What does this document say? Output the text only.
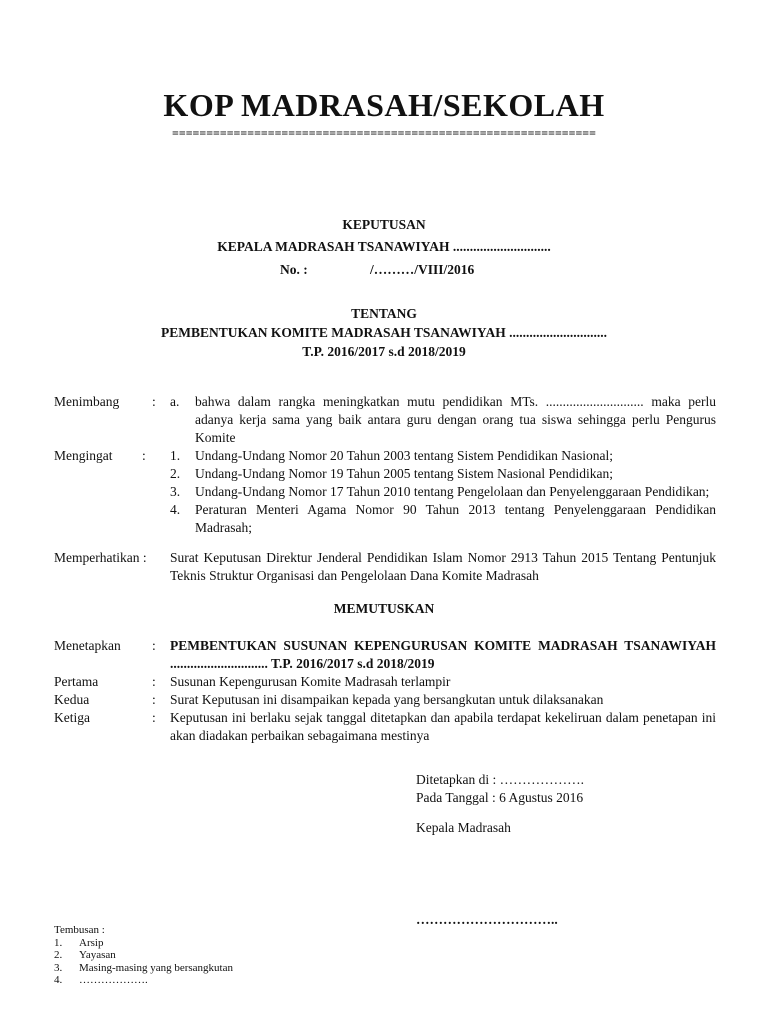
KOP MADRASAH/SEKOLAH
==============================================================
KEPUTUSAN
KEPALA MADRASAH TSANAWIYAH .............................
No. :	/………/VIII/2016
TENTANG
PEMBENTUKAN KOMITE MADRASAH TSANAWIYAH .............................
T.P. 2016/2017 s.d 2018/2019
Menimbang : a. bahwa dalam rangka meningkatkan mutu pendidikan MTs. ............................. maka perlu adanya kerja sama yang baik antara guru dengan orang tua siswa sehingga perlu Pengurus Komite
Mengingat : 1. Undang-Undang Nomor 20 Tahun 2003 tentang Sistem Pendidikan Nasional;
2. Undang-Undang Nomor 19 Tahun 2005 tentang Sistem Nasional Pendidikan;
3. Undang-Undang Nomor 17 Tahun 2010 tentang Pengelolaan dan Penyelenggaraan Pendidikan;
4. Peraturan Menteri Agama Nomor 90 Tahun 2013 tentang Penyelenggaraan Pendidikan Madrasah;
Memperhatikan : Surat Keputusan Direktur Jenderal Pendidikan Islam Nomor 2913 Tahun 2015 Tentang Pentunjuk Teknis Struktur Organisasi dan Pengelolaan Dana Komite Madrasah
MEMUTUSKAN
Menetapkan : PEMBENTUKAN SUSUNAN KEPENGURUSAN KOMITE MADRASAH TSANAWIYAH ............................. T.P. 2016/2017 s.d 2018/2019
Pertama	: Susunan Kepengurusan Komite Madrasah terlampir
Kedua	: Surat Keputusan ini disampaikan kepada yang bersangkutan untuk dilaksanakan
Ketiga	: Keputusan ini berlaku sejak tanggal ditetapkan dan apabila terdapat kekeliruan dalam penetapan ini akan diadakan perbaikan sebagaimana mestinya
Ditetapkan di : ……………….
Pada Tanggal : 6 Agustus 2016
Kepala Madrasah
…………………………..
Tembusan :
1. Arsip
2. Yayasan
3. Masing-masing yang bersangkutan
4. ……………….
